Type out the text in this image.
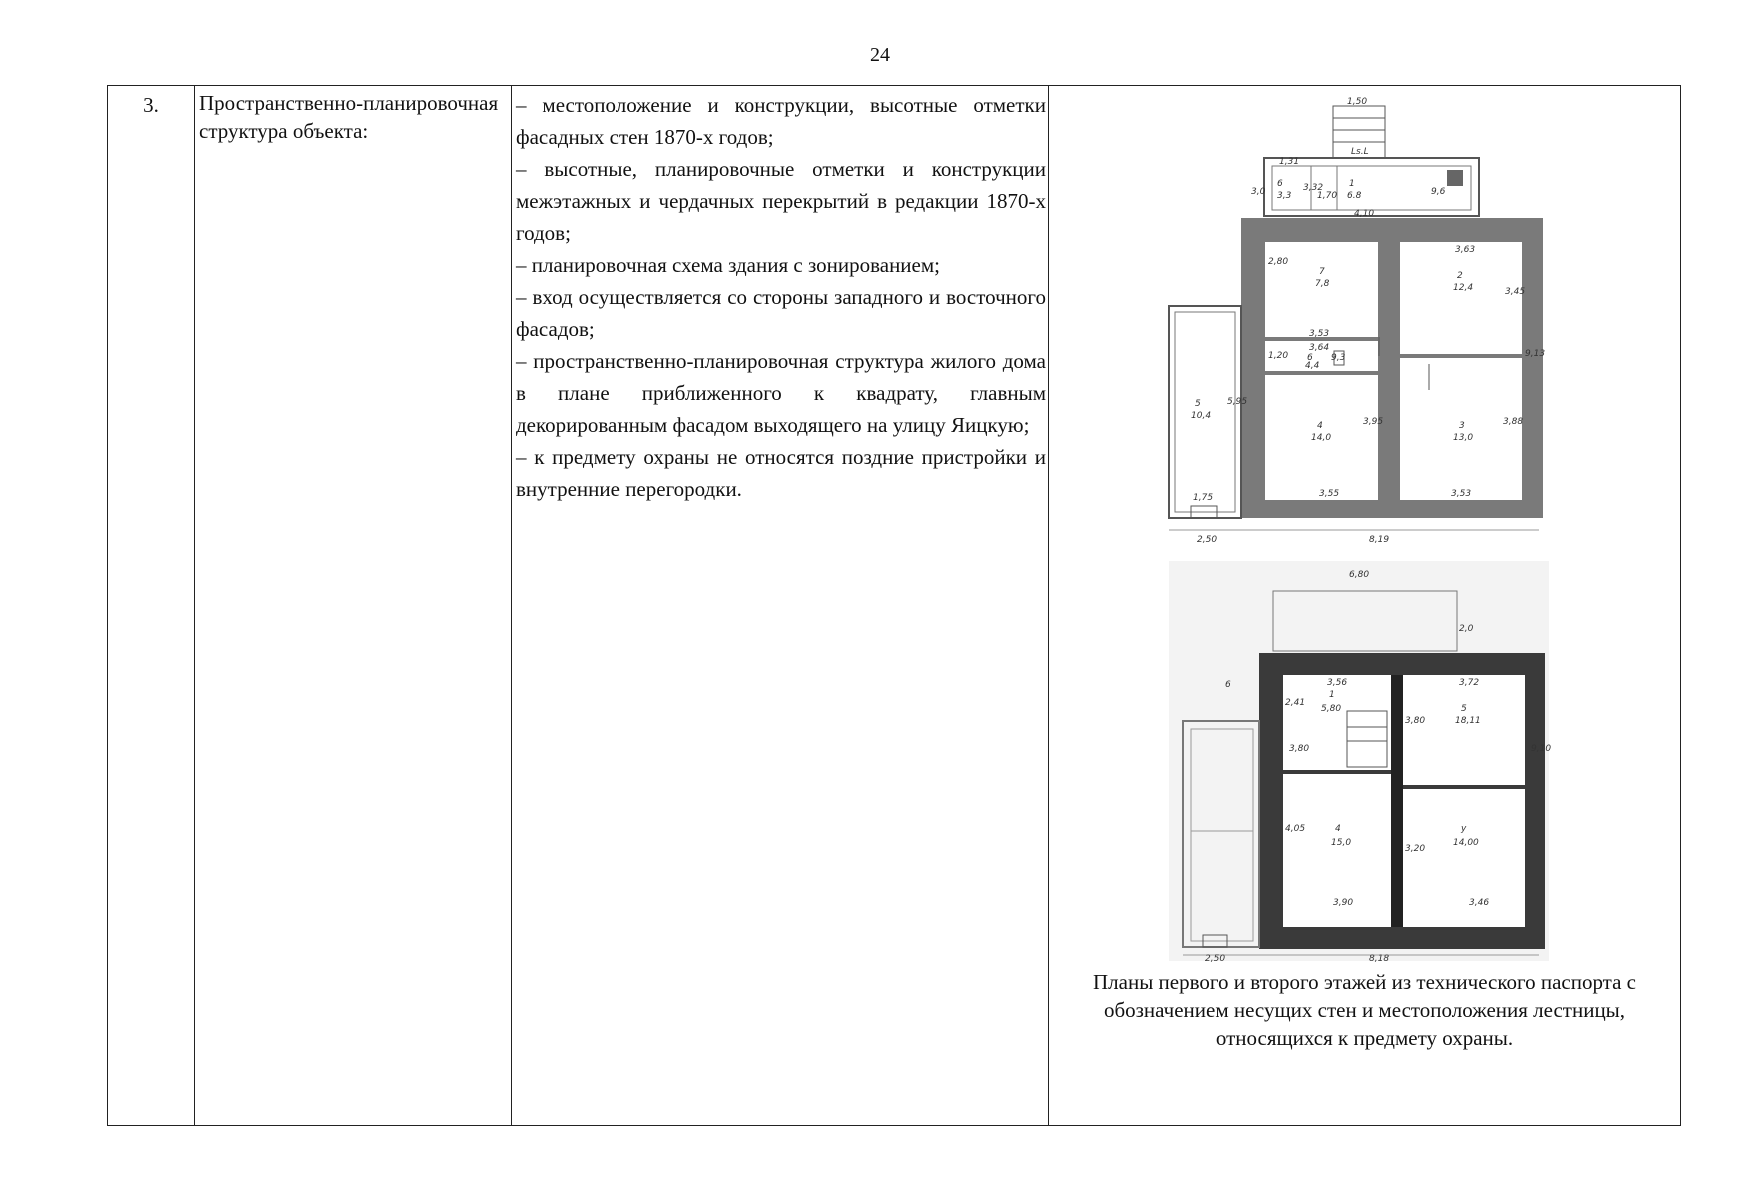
24
3.	Пространственно-планировочная структура объекта:	
– местоположение и конструкции, высотные отметки фасадных стен 1870-х годов;
– высотные, планировочные отметки и конструкции межэтажных и чердачных перекрытий в редакции 1870-х годов;
– планировочная схема здания с зонированием;
– вход осуществляется со стороны западного и восточного фасадов;
– пространственно-планировочная структура жилого дома в плане приближенного к квадрату, главным декорированным фасадом выходящего на улицу Яицкую;
– к предмету охраны не относятся поздние пристройки и внутренние перегородки.

1,50
Ls.L
1,31
6
3,3
3,32
1,70
1
6.8	9,6
3,0
4,10
2,80
7
7,8
3,63
2
12,4	3,45
3,53
3,64
1,20 6
4,4
9,3
5
10,4
5,95
4
14,0
3,95	3
13,0
3,88
9,13
1,75	3,55	3,53
2,50	8,19
6,80
2,0
6	3,56
1
5,80
2,41
3,72
5
18,11
3,80
9,10
3,80
4
15,0
4,05	y
14,00
3,20
3,90	3,46
2,50	8,18
Планы первого и второго этажей из технического паспорта с обозначением несущих стен и местоположения лестницы, относящихся к предмету охраны.
